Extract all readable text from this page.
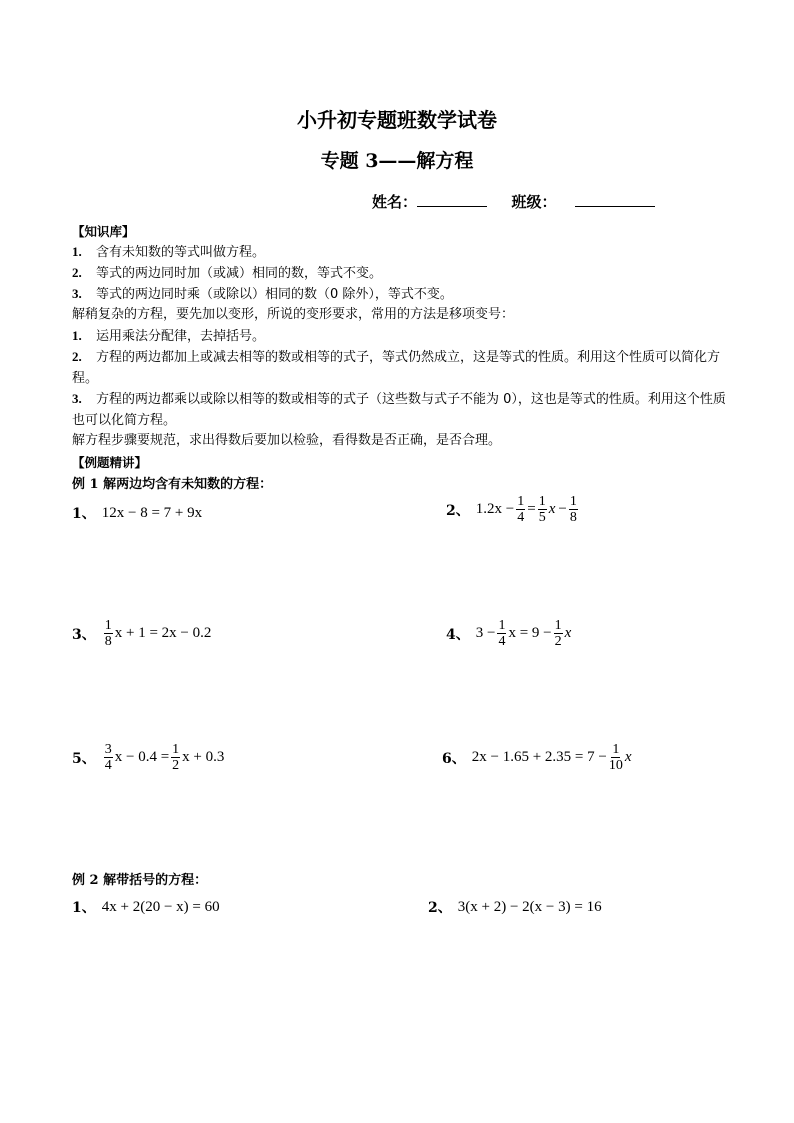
小升初专题班数学试卷
专题 3——解方程
姓名：	班级：
【知识库】
1. 含有未知数的等式叫做方程。
2. 等式的两边同时加（或减）相同的数，等式不变。
3. 等式的两边同时乘（或除以）相同的数（0 除外），等式不变。
解稍复杂的方程，要先加以变形，所说的变形要求，常用的方法是移项变号：
1. 运用乘法分配律，去掉括号。
2. 方程的两边都加上或减去相等的数或相等的式子，等式仍然成立，这是等式的性质。利用这个性质可以简化方程。
3. 方程的两边都乘以或除以相等的数或相等的式子（这些数与式子不能为 0），这也是等式的性质。利用这个性质也可以化简方程。
解方程步骤要规范，求出得数后要加以检验，看得数是否正确，是否合理。
【例题精讲】
例 1 解两边均含有未知数的方程：
1、 12x − 8 = 7 + 9x	2、 $1.2x - \frac{1}{4} = \frac{1}{5}$ $x - \frac{1}{8}$
3、 $\frac{1}{8}$ x + 1 = 2x − 0.2	4、 $3 - \frac{1}{4}$ $x = 9 - \frac{1}{2}$ x
5、 $\frac{3}{4}$ $x - 0.4 = \frac{1}{2}$ x + 0.3	6、 $2x - 1.65 + 2.35 = 7 - \frac{1}{10}$ x
例 2 解带括号的方程：
1、 4x + 2(20 − x) = 60	2、 3(x + 2) − 2(x − 3) = 16
